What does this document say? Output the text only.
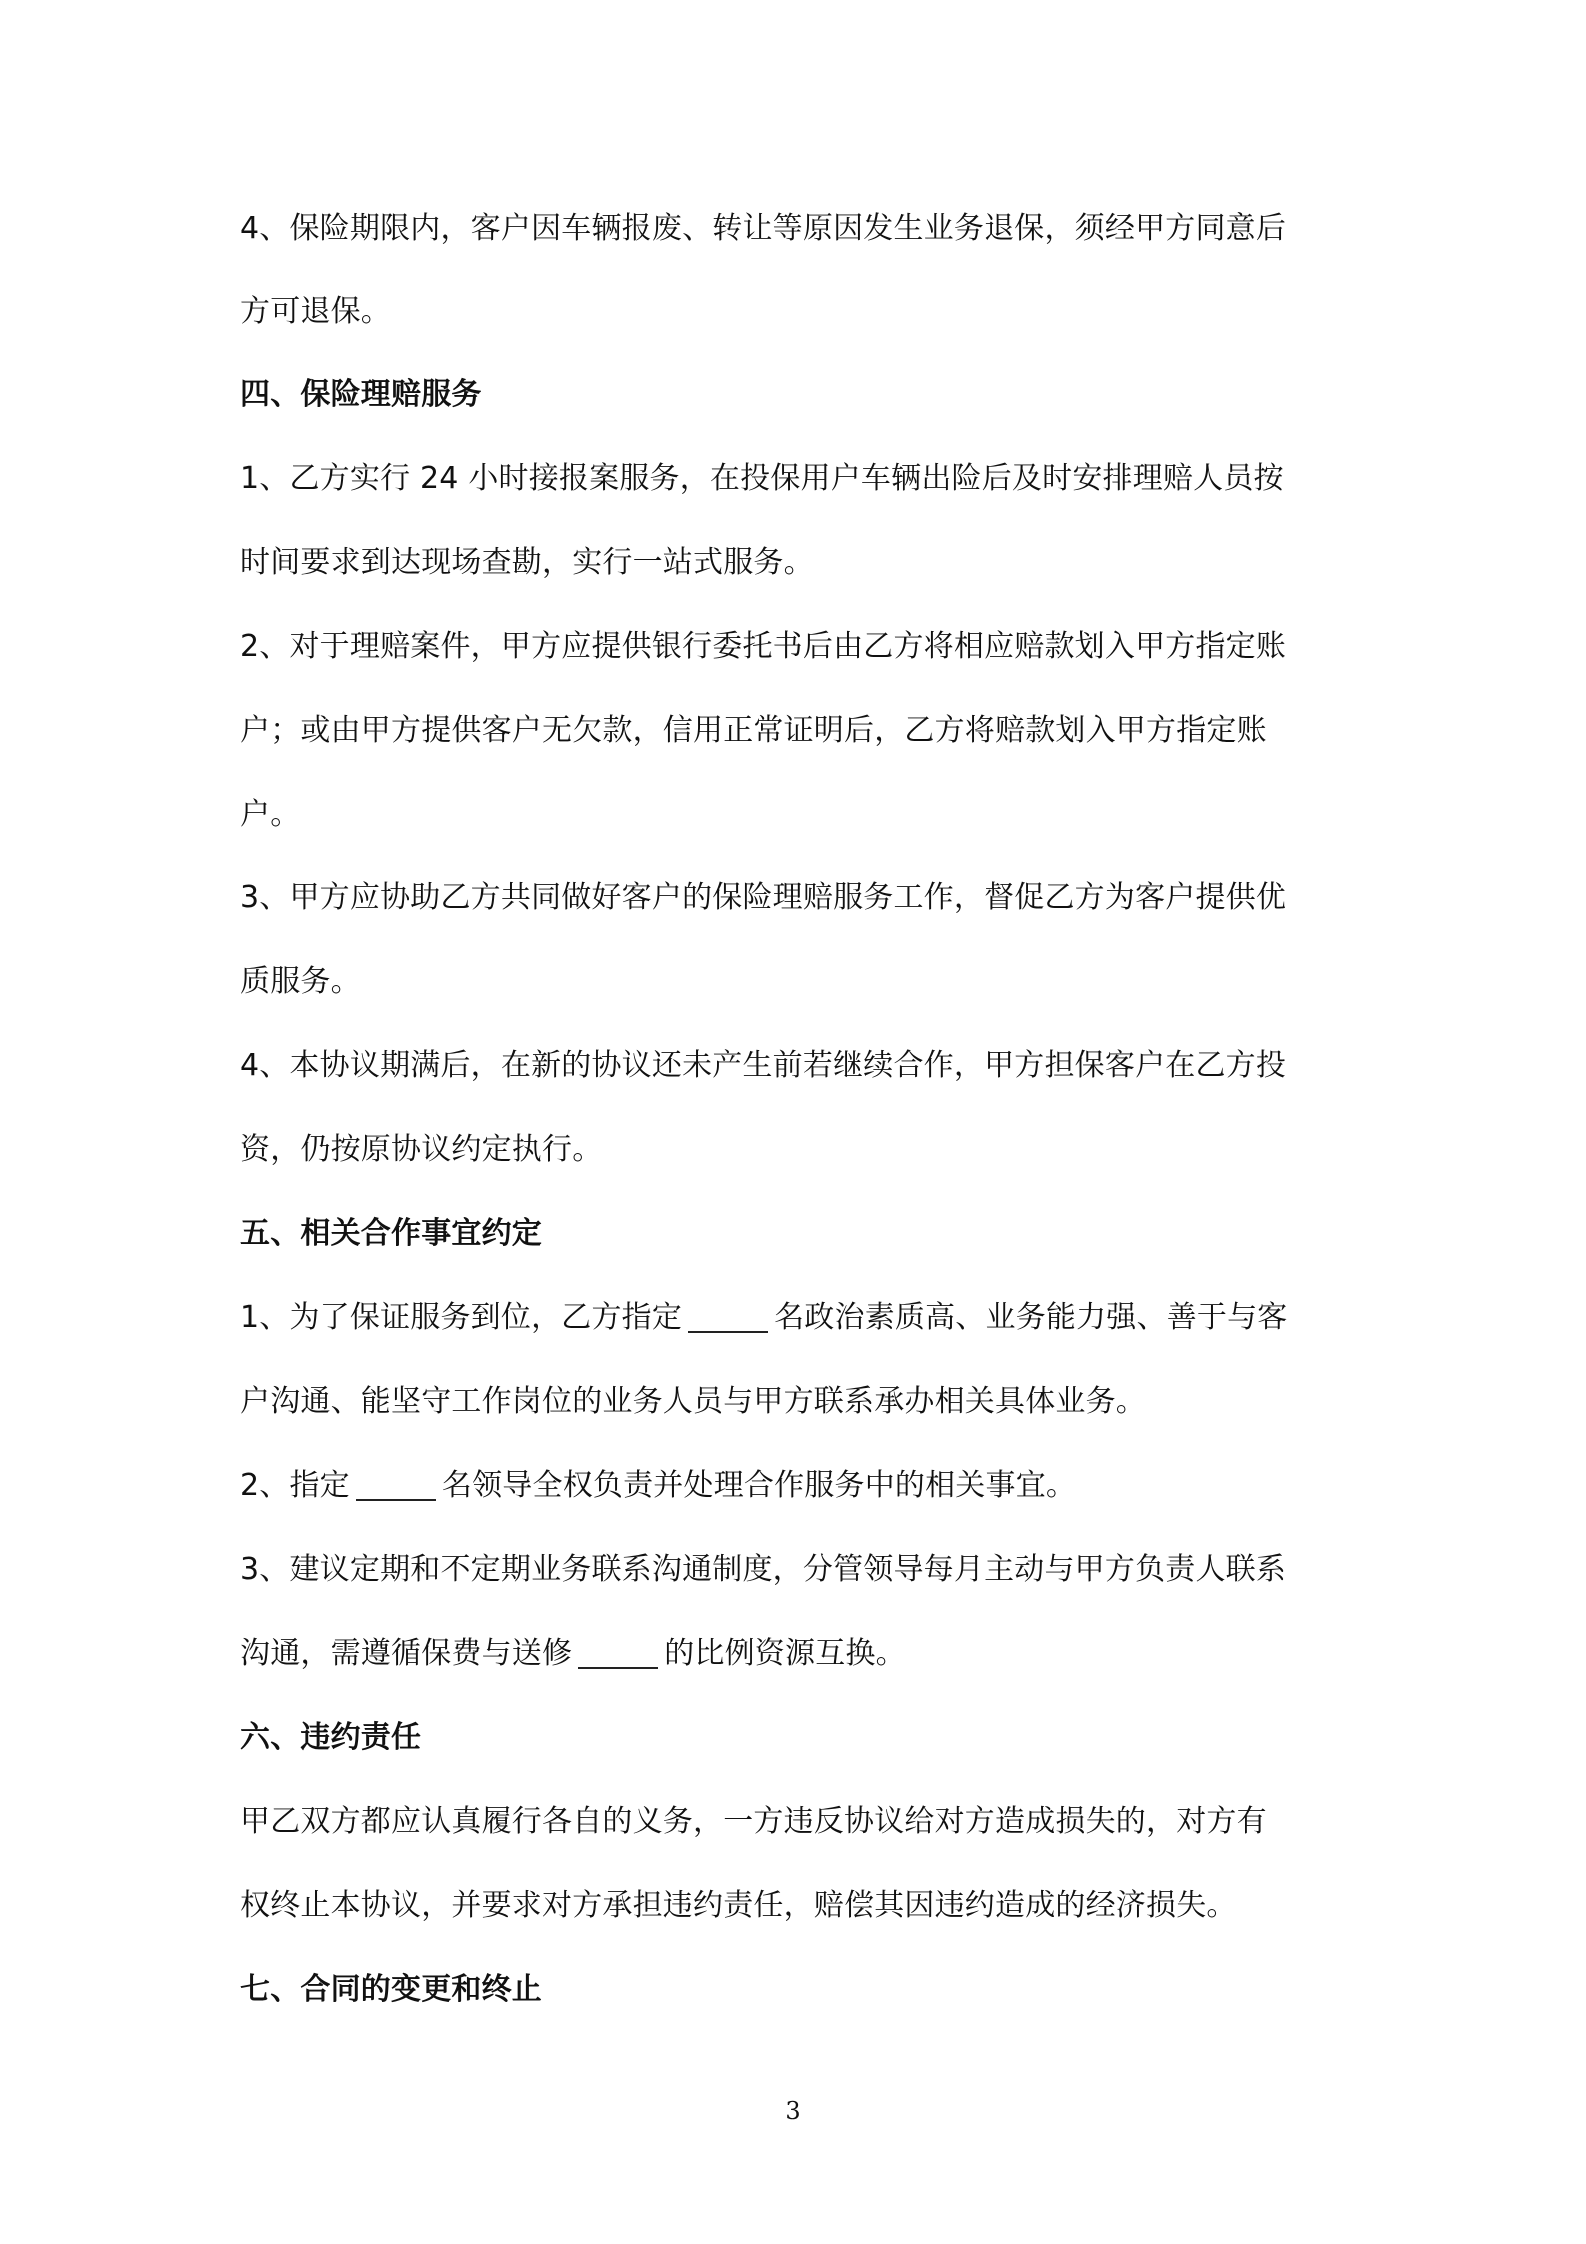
4、保险期限内，客户因车辆报废、转让等原因发生业务退保，须经甲方同意后
方可退保。
四、保险理赔服务
1、乙方实行 24 小时接报案服务，在投保用户车辆出险后及时安排理赔人员按
时间要求到达现场查勘，实行一站式服务。
2、对于理赔案件，甲方应提供银行委托书后由乙方将相应赔款划入甲方指定账
户；或由甲方提供客户无欠款，信用正常证明后，乙方将赔款划入甲方指定账
户。
3、甲方应协助乙方共同做好客户的保险理赔服务工作，督促乙方为客户提供优
质服务。
4、本协议期满后，在新的协议还未产生前若继续合作，甲方担保客户在乙方投
资，仍按原协议约定执行。
五、相关合作事宜约定
1、为了保证服务到位，乙方指定	名政治素质高、业务能力强、善于与客
户沟通、能坚守工作岗位的业务人员与甲方联系承办相关具体业务。
2、指定	名领导全权负责并处理合作服务中的相关事宜。
3、建议定期和不定期业务联系沟通制度，分管领导每月主动与甲方负责人联系
沟通，需遵循保费与送修	的比例资源互换。
六、违约责任
甲乙双方都应认真履行各自的义务，一方违反协议给对方造成损失的，对方有
权终止本协议，并要求对方承担违约责任，赔偿其因违约造成的经济损失。
七、合同的变更和终止
3
